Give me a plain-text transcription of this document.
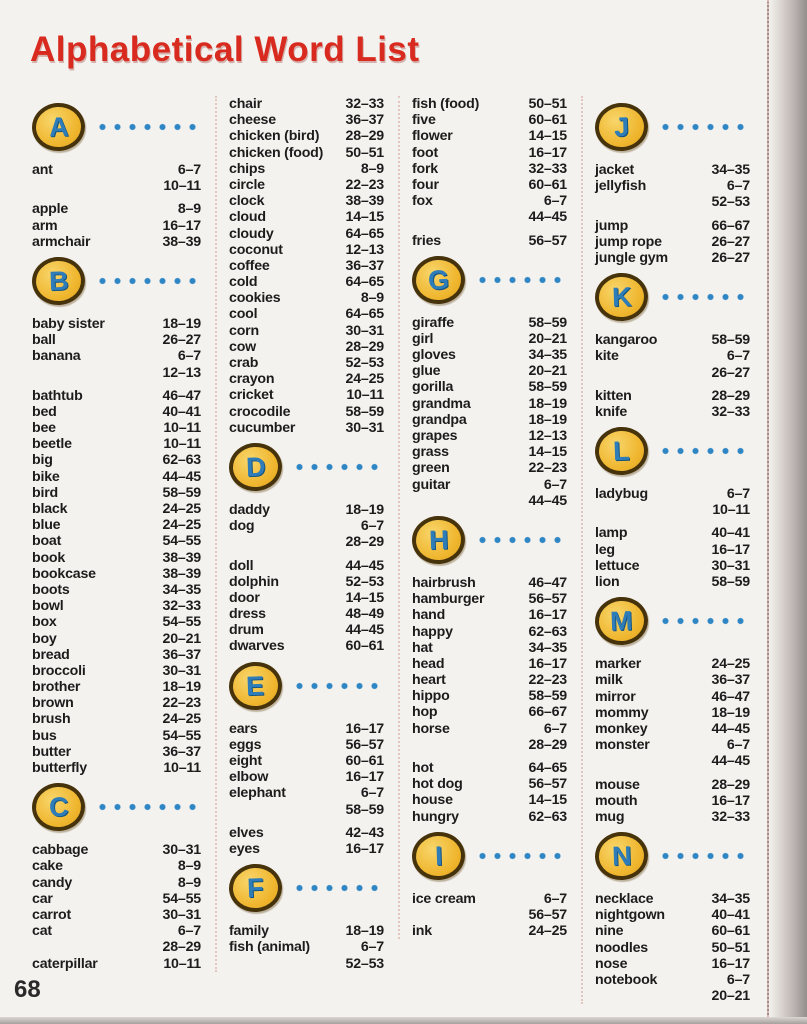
Alphabetical Word List
A
ant	6–7
10–11
apple	8–9
arm	16–17
armchair	38–39
B
baby sister	18–19
ball	26–27
banana	6–7
12–13
bathtub	46–47
bed	40–41
bee	10–11
beetle	10–11
big	62–63
bike	44–45
bird	58–59
black	24–25
blue	24–25
boat	54–55
book	38–39
bookcase	38–39
boots	34–35
bowl	32–33
box	54–55
boy	20–21
bread	36–37
broccoli	30–31
brother	18–19
brown	22–23
brush	24–25
bus	54–55
butter	36–37
butterfly	10–11
C
cabbage	30–31
cake	8–9
candy	8–9
car	54–55
carrot	30–31
cat	6–7
28–29
caterpillar	10–11
chair	32–33
cheese	36–37
chicken (bird) 28–29
chicken (food) 50–51
chips	8–9
circle	22–23
clock	38–39
cloud	14–15
cloudy	64–65
coconut	12–13
coffee	36–37
cold	64–65
cookies	8–9
cool	64–65
corn	30–31
cow	28–29
crab	52–53
crayon	24–25
cricket	10–11
crocodile	58–59
cucumber	30–31
D
daddy	18–19
dog	6–7
28–29
doll	44–45
dolphin	52–53
door	14–15
dress	48–49
drum	44–45
dwarves	60–61
E
ears	16–17
eggs	56–57
eight	60–61
elbow	16–17
elephant	6–7
58–59
elves	42–43
eyes	16–17
F
family	18–19
fish (animal)	6–7
52–53
fish (food)	50–51
five	60–61
flower	14–15
foot	16–17
fork	32–33
four	60–61
fox	6–7
44–45
fries	56–57
G
giraffe	58–59
girl	20–21
gloves	34–35
glue	20–21
gorilla	58–59
grandma	18–19
grandpa	18–19
grapes	12–13
grass	14–15
green	22–23
guitar	6–7
44–45
H
hairbrush	46–47
hamburger	56–57
hand	16–17
happy	62–63
hat	34–35
head	16–17
heart	22–23
hippo	58–59
hop	66–67
horse	6–7
28–29
hot	64–65
hot dog	56–57
house	14–15
hungry	62–63
I
ice cream	6–7
56–57
ink	24–25
J
jacket	34–35
jellyfish	6–7
52–53
jump	66–67
jump rope	26–27
jungle gym	26–27
K
kangaroo	58–59
kite	6–7
26–27
kitten	28–29
knife	32–33
L
ladybug	6–7
10–11
lamp	40–41
leg	16–17
lettuce	30–31
lion	58–59
M
marker	24–25
milk	36–37
mirror	46–47
mommy	18–19
monkey	44–45
monster	6–7
44–45
mouse	28–29
mouth	16–17
mug	32–33
N
necklace	34–35
nightgown	40–41
nine	60–61
noodles	50–51
nose	16–17
notebook	6–7
20–21
68
